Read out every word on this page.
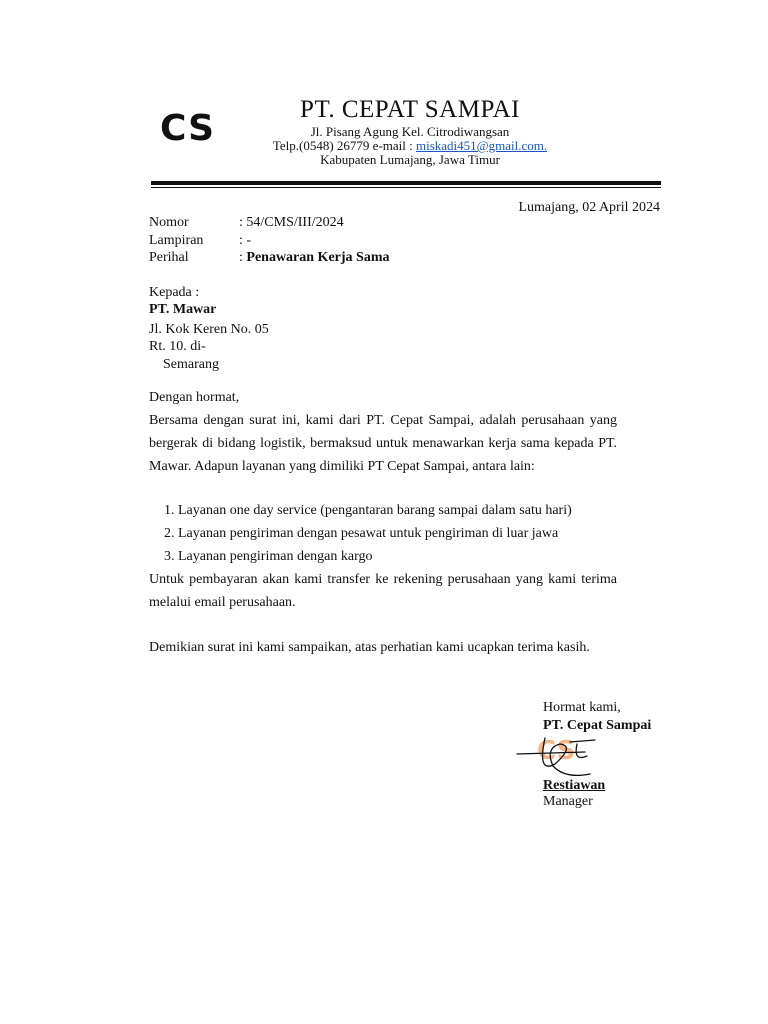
CS	PT. CEPAT SAMPAI
Jl. Pisang Agung Kel. Citrodiwangsan
Telp.(0548) 26779 e-mail : miskadi451@gmail.com.
Kabupaten Lumajang, Jawa Timur
Lumajang, 02 April 2024
Nomor	: 54/CMS/III/2024
Lampiran	: -
Perihal	: Penawaran Kerja Sama
Kepada :
PT. Mawar
Jl. Kok Keren No. 05
Rt. 10. di-
Semarang
Dengan hormat,
Bersama dengan surat ini, kami dari PT. Cepat Sampai, adalah perusahaan yang bergerak di bidang logistik, bermaksud untuk menawarkan kerja sama kepada PT. Mawar. Adapun layanan yang dimiliki PT Cepat Sampai, antara lain:
1. Layanan one day service (pengantaran barang sampai dalam satu hari)
2. Layanan pengiriman dengan pesawat untuk pengiriman di luar jawa
3. Layanan pengiriman dengan kargo
Untuk pembayaran akan kami transfer ke rekening perusahaan yang kami terima melalui email perusahaan.
Demikian surat ini kami sampaikan, atas perhatian kami ucapkan terima kasih.
Hormat kami,
PT. Cepat Sampai
CS
Restiawan
Manager
